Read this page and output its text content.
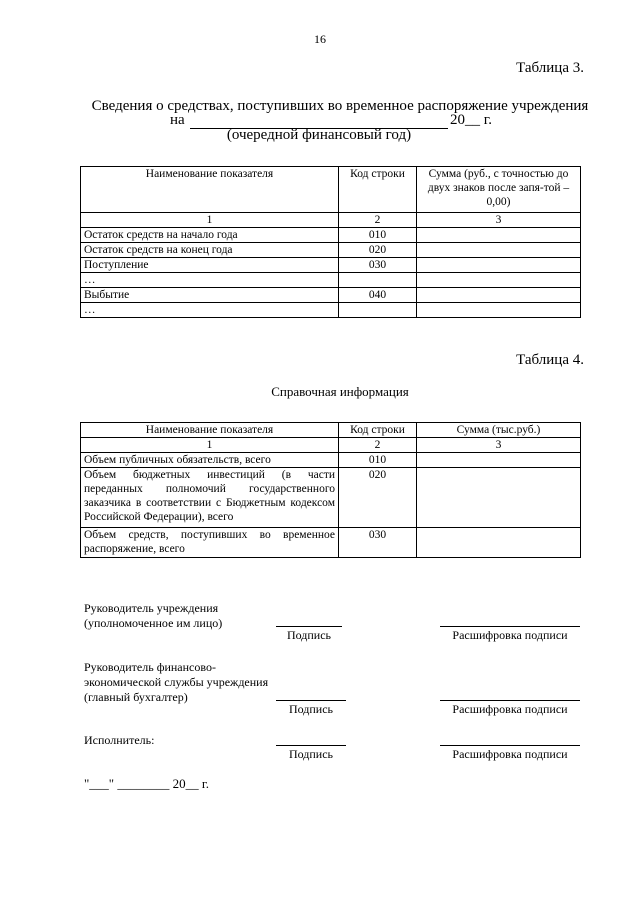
16
Таблица 3.
Сведения о средствах, поступивших во временное распоряжение учреждения
на	20__ г.
(очередной финансовый год)
Наименование показателя	Код строки	Сумма (руб., с точностью до двух знаков после запя-той – 0,00)
1	2	3
Остаток средств на начало года	010	
Остаток средств на конец года	020	
Поступление	030	
…		
Выбытие	040	
…		
Таблица 4.
Справочная информация
Наименование показателя	Код строки	Сумма (тыс.руб.)
1	2	3
Объем публичных обязательств, всего	010	
Объем бюджетных инвестиций (в части переданных полномочий государственного заказчика в соответствии с Бюджетным кодексом Российской Федерации), всего	020	
Объем средств, поступивших во временное распоряжение, всего	030	
Руководитель учреждения
(уполномоченное им лицо)
Подпись	Расшифровка подписи
Руководитель финансово-
экономической службы учреждения
(главный бухгалтер)
Подпись	Расшифровка подписи
Исполнитель:
Подпись	Расшифровка подписи
"___" ________ 20__ г.
